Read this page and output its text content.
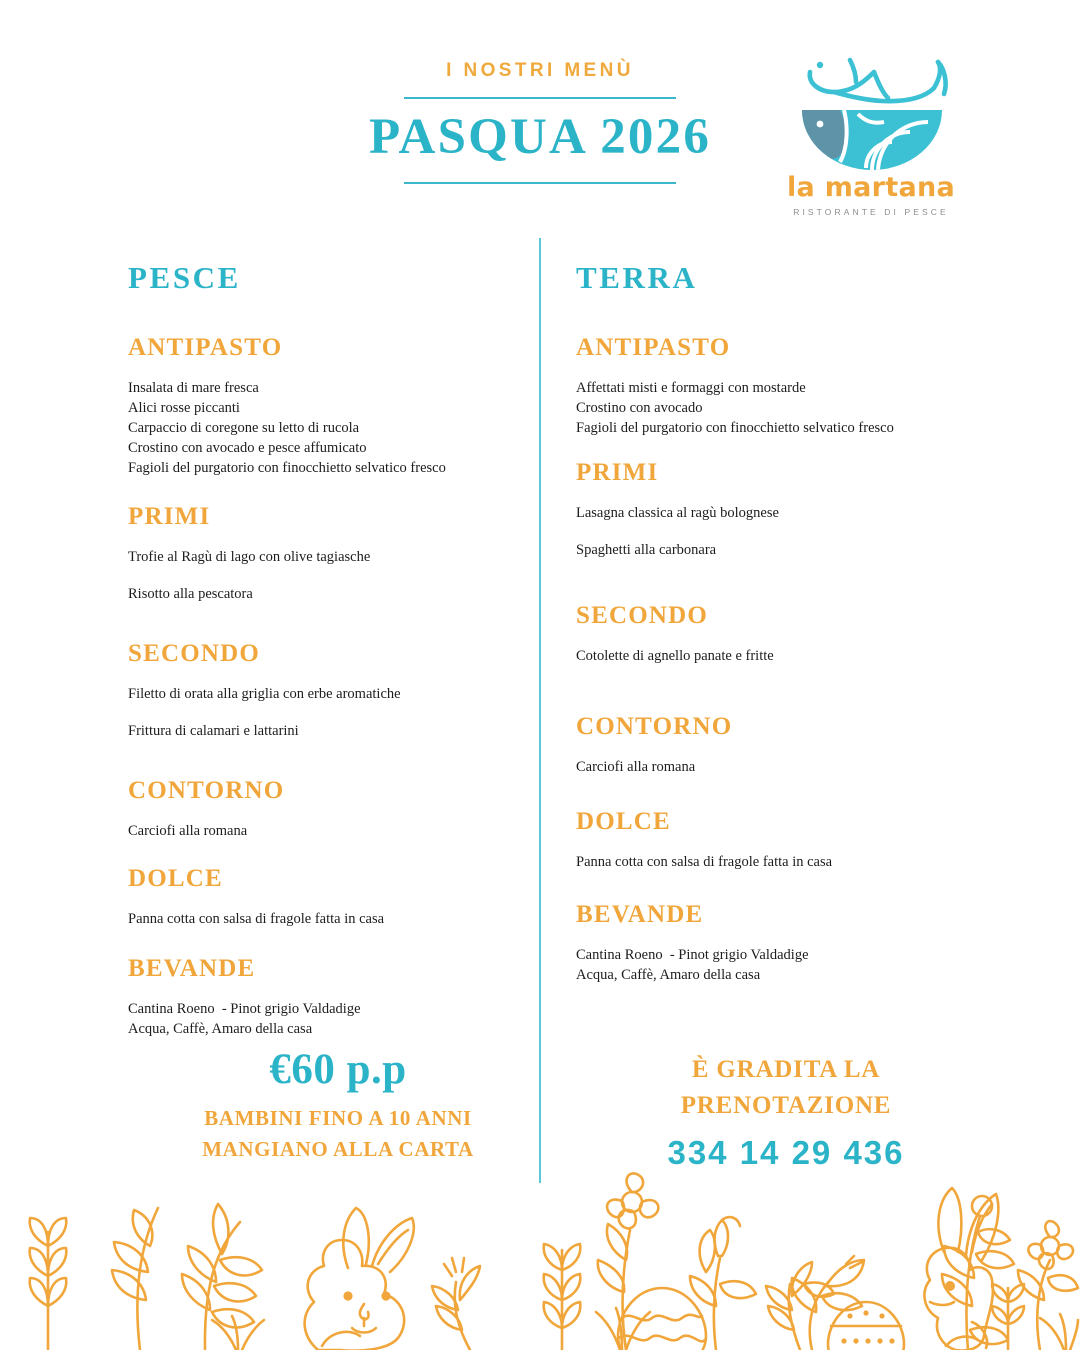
I NOSTRI MENÙ
PASQUA 2026
la martana
RISTORANTE DI PESCE
PESCE
ANTIPASTO
Insalata di mare fresca
Alici rosse piccanti
Carpaccio di coregone su letto di rucola
Crostino con avocado e pesce affumicato
Fagioli del purgatorio con finocchietto selvatico fresco
PRIMI
Trofie al Ragù di lago con olive tagiasche
Risotto alla pescatora
SECONDO
Filetto di orata alla griglia con erbe aromatiche
Frittura di calamari e lattarini
CONTORNO
Carciofi alla romana
DOLCE
Panna cotta con salsa di fragole fatta in casa
BEVANDE
Cantina Roeno  - Pinot grigio Valdadige
Acqua, Caffè, Amaro della casa
TERRA
ANTIPASTO
Affettati misti e formaggi con mostarde
Crostino con avocado
Fagioli del purgatorio con finocchietto selvatico fresco
PRIMI
Lasagna classica al ragù bolognese
Spaghetti alla carbonara
SECONDO
Cotolette di agnello panate e fritte
CONTORNO
Carciofi alla romana
DOLCE
Panna cotta con salsa di fragole fatta in casa
BEVANDE
Cantina Roeno  - Pinot grigio Valdadige
Acqua, Caffè, Amaro della casa
€60 p.p
BAMBINI FINO A 10 ANNI
MANGIANO ALLA CARTA
È GRADITA LA
PRENOTAZIONE
334 14 29 436
